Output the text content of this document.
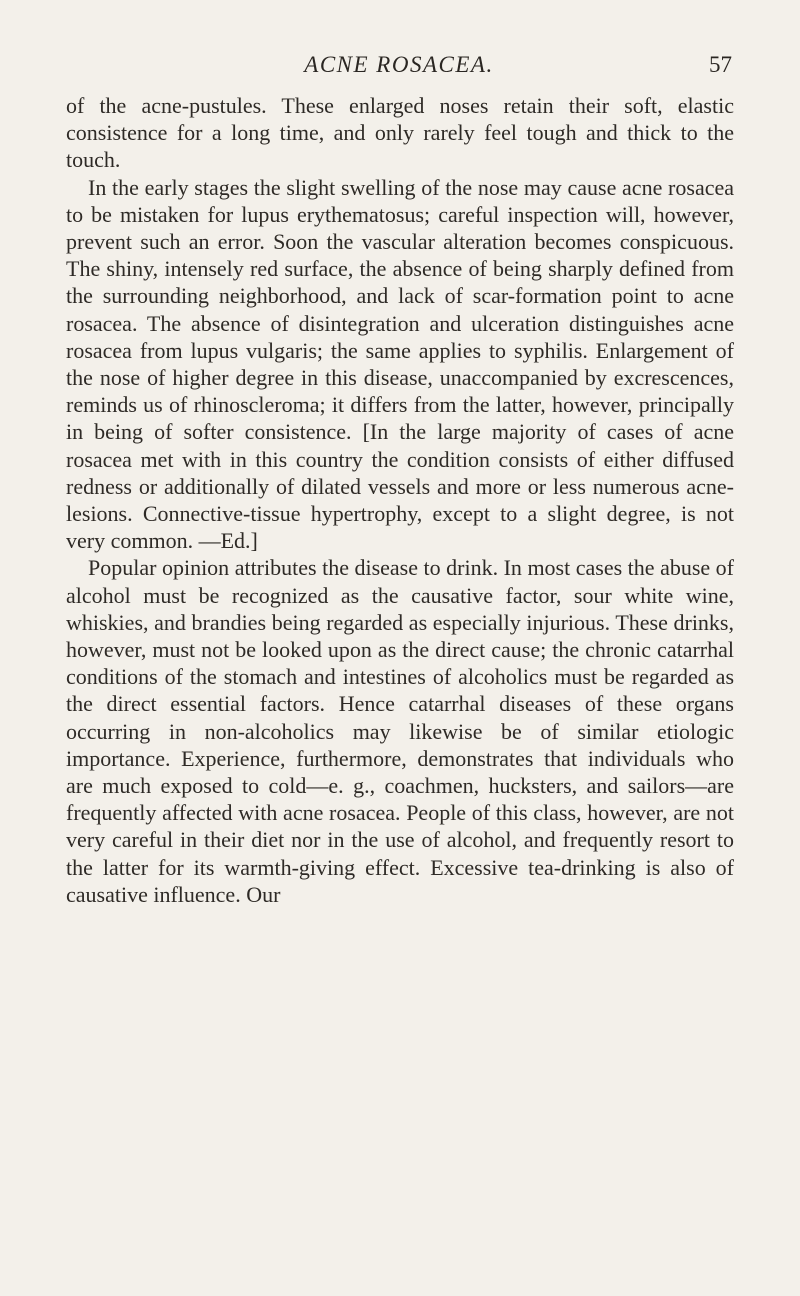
ACNE ROSACEA.	57

of the acne-pustules. These enlarged noses retain their soft, elastic consistence for a long time, and only rarely feel tough and thick to the touch.

In the early stages the slight swelling of the nose may cause acne rosacea to be mistaken for lupus erythematosus; careful inspection will, however, prevent such an error. Soon the vascular alteration becomes conspicuous. The shiny, intensely red surface, the absence of being sharply defined from the surrounding neighborhood, and lack of scar-formation point to acne rosacea. The absence of disintegration and ulceration distinguishes acne rosacea from lupus vulgaris; the same applies to syphilis. Enlargement of the nose of higher degree in this disease, unaccompanied by excrescences, reminds us of rhinoscleroma; it differs from the latter, however, principally in being of softer consistence. [In the large majority of cases of acne rosacea met with in this country the condition consists of either diffused redness or additionally of dilated vessels and more or less numerous acne-lesions. Connective-tissue hypertrophy, except to a slight degree, is not very common. —Ed.]

Popular opinion attributes the disease to drink. In most cases the abuse of alcohol must be recognized as the causative factor, sour white wine, whiskies, and brandies being regarded as especially injurious. These drinks, however, must not be looked upon as the direct cause; the chronic catarrhal conditions of the stomach and intestines of alcoholics must be regarded as the direct essential factors. Hence catarrhal diseases of these organs occurring in non-alcoholics may likewise be of similar etiologic importance. Experience, furthermore, demonstrates that individuals who are much exposed to cold—e. g., coachmen, hucksters, and sailors—are frequently affected with acne rosacea. People of this class, however, are not very careful in their diet nor in the use of alcohol, and frequently resort to the latter for its warmth-giving effect. Excessive tea-drinking is also of causative influence. Our
